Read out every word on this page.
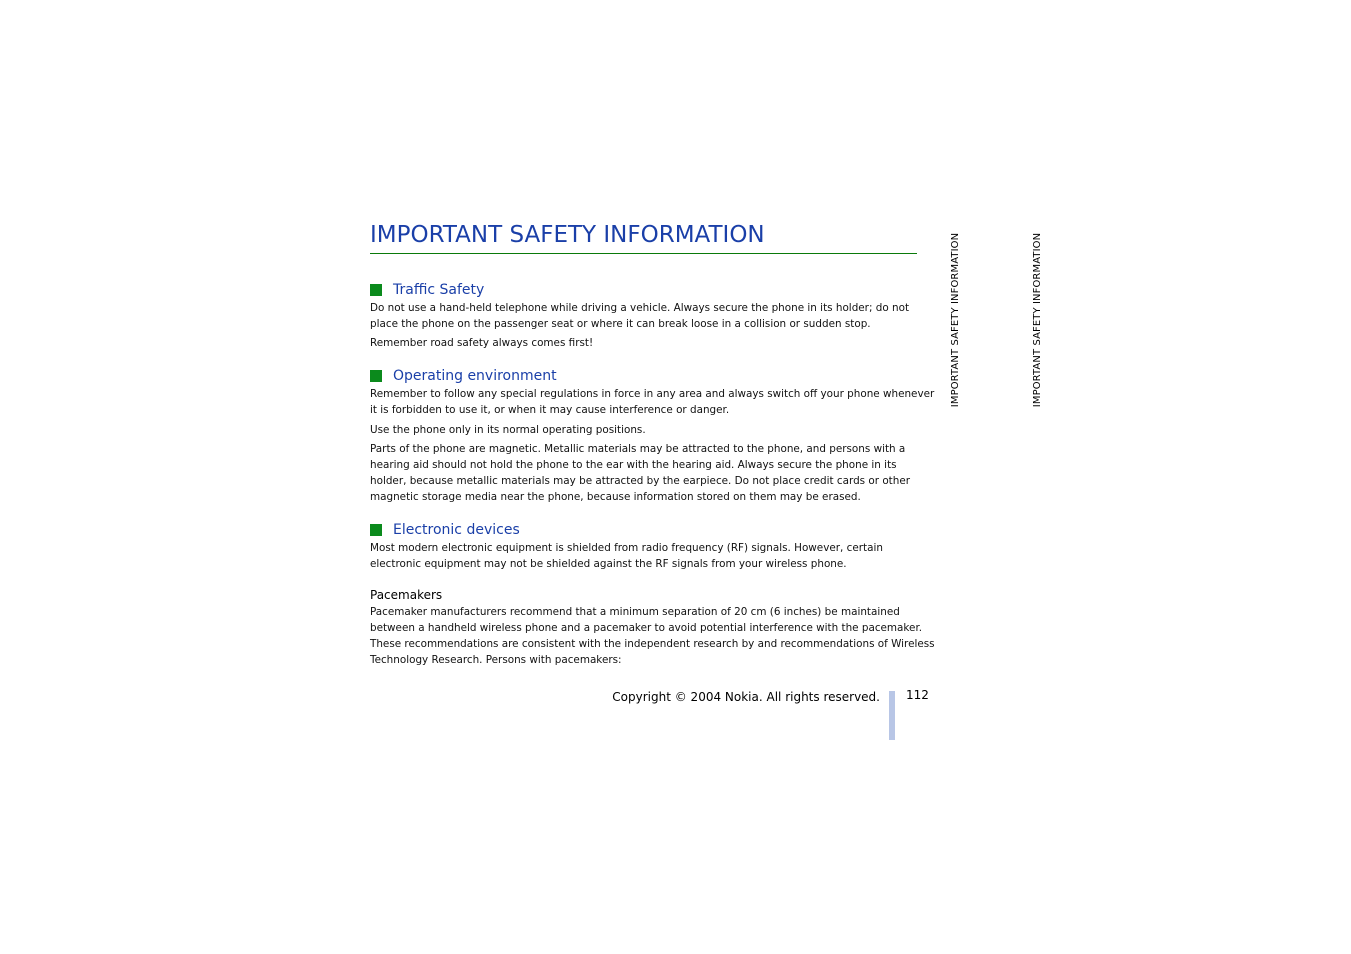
IMPORTANT SAFETY INFORMATION	IMPORTANT SAFETY INFORMATION	IMPORTANT SAFETY INFORMATION
Traffic Safety
Do not use a hand-held telephone while driving a vehicle. Always secure the phone in its holder; do not place the phone on the passenger seat or where it can break loose in a collision or sudden stop.
Remember road safety always comes first!
Operating environment
Remember to follow any special regulations in force in any area and always switch off your phone whenever it is forbidden to use it, or when it may cause interference or danger.
Use the phone only in its normal operating positions.
Parts of the phone are magnetic. Metallic materials may be attracted to the phone, and persons with a hearing aid should not hold the phone to the ear with the hearing aid. Always secure the phone in its holder, because metallic materials may be attracted by the earpiece. Do not place credit cards or other magnetic storage media near the phone, because information stored on them may be erased.
Electronic devices
Most modern electronic equipment is shielded from radio frequency (RF) signals. However, certain electronic equipment may not be shielded against the RF signals from your wireless phone.
Pacemakers
Pacemaker manufacturers recommend that a minimum separation of 20 cm (6 inches) be maintained between a handheld wireless phone and a pacemaker to avoid potential interference with the pacemaker. These recommendations are consistent with the independent research by and recommendations of Wireless Technology Research. Persons with pacemakers:
Copyright © 2004 Nokia. All rights reserved. 112
